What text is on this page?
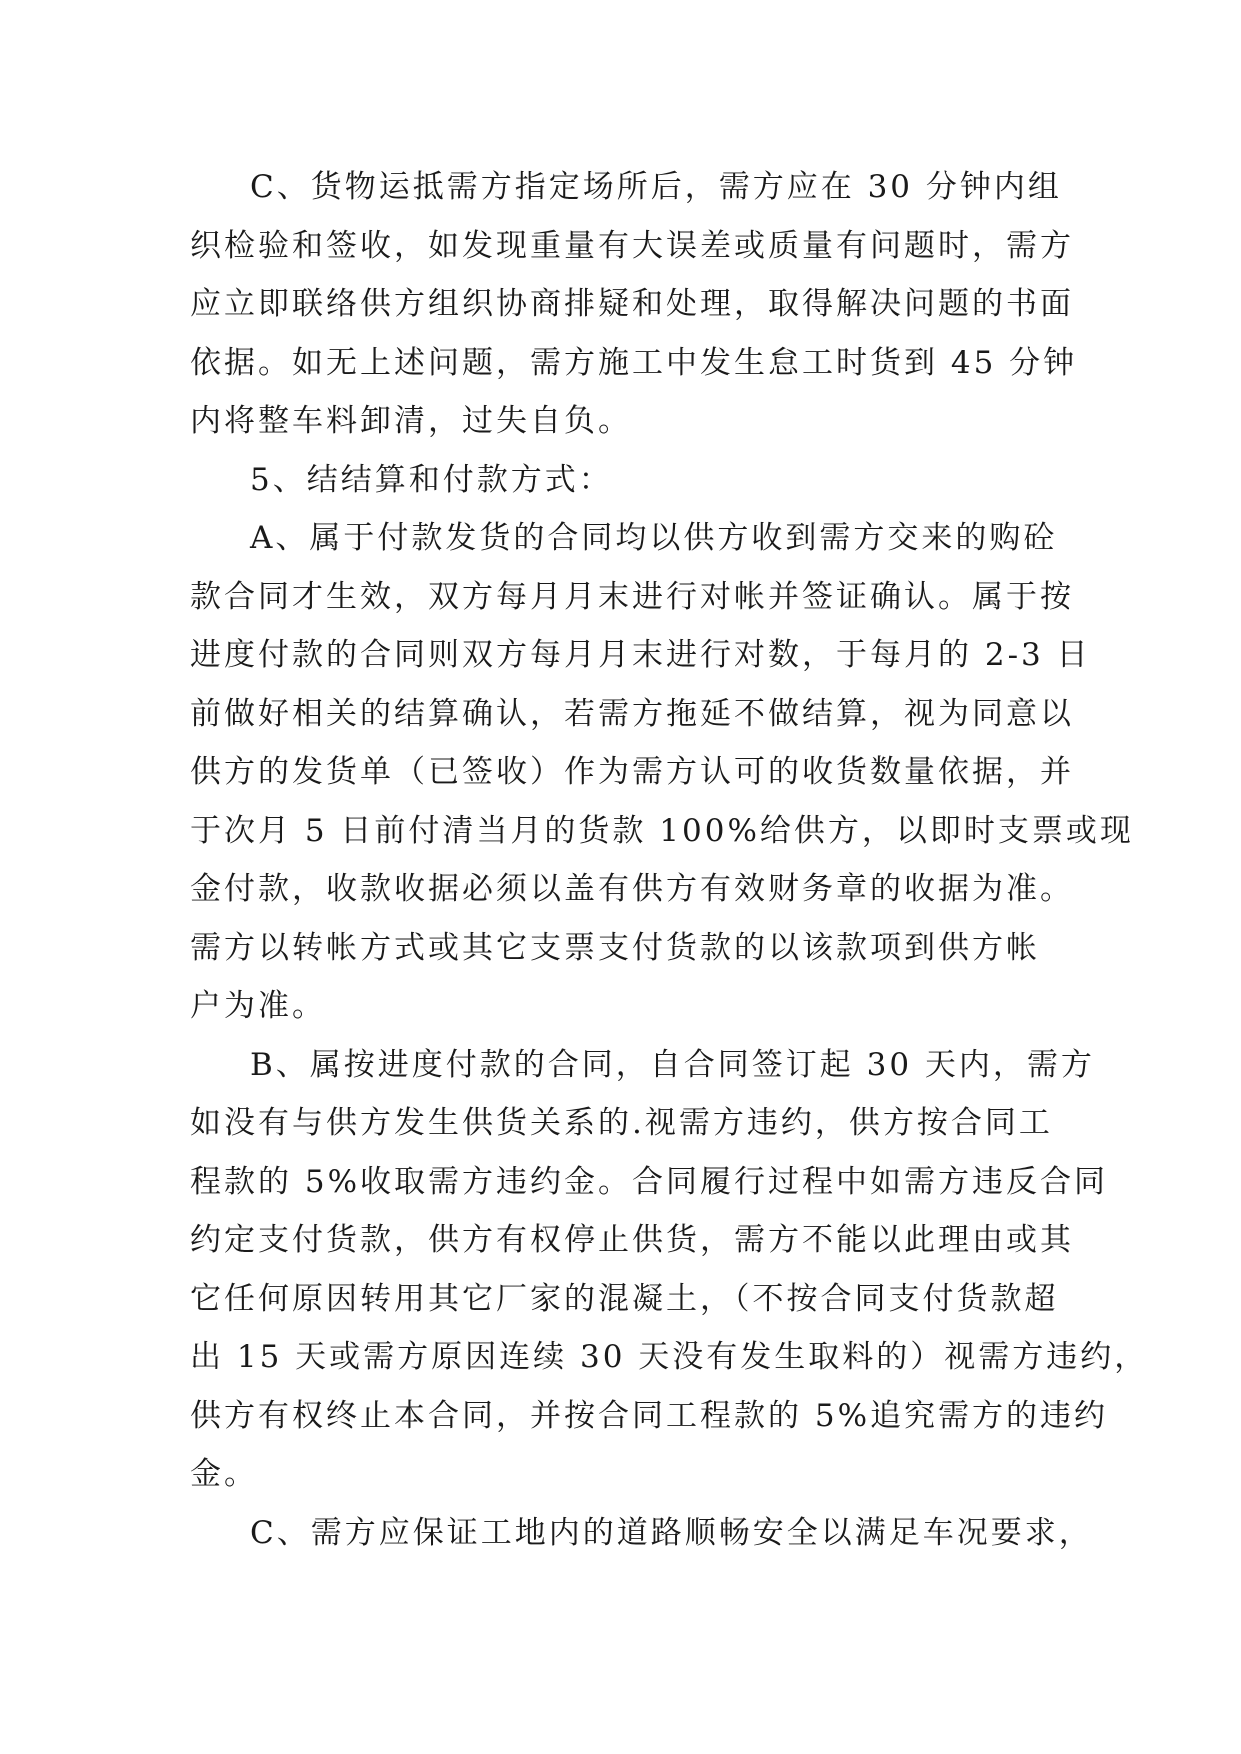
C、货物运抵需方指定场所后，需方应在 30 分钟内组
织检验和签收，如发现重量有大误差或质量有问题时，需方
应立即联络供方组织协商排疑和处理，取得解决问题的书面
依据。如无上述问题，需方施工中发生怠工时货到 45 分钟
内将整车料卸清，过失自负。
5、结结算和付款方式：
A、属于付款发货的合同均以供方收到需方交来的购砼
款合同才生效，双方每月月末进行对帐并签证确认。属于按
进度付款的合同则双方每月月末进行对数，于每月的 2-3 日
前做好相关的结算确认，若需方拖延不做结算，视为同意以
供方的发货单（已签收）作为需方认可的收货数量依据，并
于次月 5 日前付清当月的货款 100%给供方，以即时支票或现
金付款，收款收据必须以盖有供方有效财务章的收据为准。
需方以转帐方式或其它支票支付货款的以该款项到供方帐
户为准。
B、属按进度付款的合同，自合同签订起 30 天内，需方
如没有与供方发生供货关系的.视需方违约，供方按合同工
程款的 5%收取需方违约金。合同履行过程中如需方违反合同
约定支付货款，供方有权停止供货，需方不能以此理由或其
它任何原因转用其它厂家的混凝土，（不按合同支付货款超
出 15 天或需方原因连续 30 天没有发生取料的）视需方违约，
供方有权终止本合同，并按合同工程款的 5%追究需方的违约
金。
C、需方应保证工地内的道路顺畅安全以满足车况要求，
